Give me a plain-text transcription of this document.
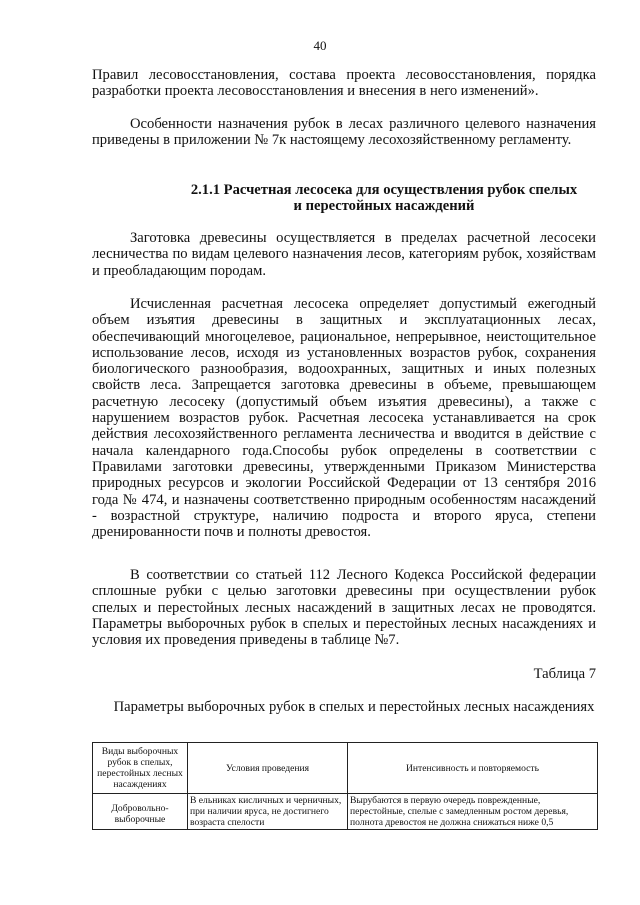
40

Правил лесовосстановления, состава проекта лесовосстановления, порядка разработки проекта лесовосстановления и внесения в него изменений».

Особенности назначения рубок в лесах различного целевого назначения приведены в приложении № 7к настоящему лесохозяйственному регламенту.

2.1.1 Расчетная лесосека для осуществления рубок спелых
и перестойных насаждений

Заготовка древесины осуществляется в пределах расчетной лесосеки лесничества по видам целевого назначения лесов, категориям рубок, хозяйствам и преобладающим породам.

Исчисленная расчетная лесосека определяет допустимый ежегодный объем изъятия древесины в защитных и эксплуатационных лесах, обеспечивающий многоцелевое, рациональное, непрерывное, неистощительное использование лесов, исходя из установленных возрастов рубок, сохранения биологического разнообразия, водоохранных, защитных и иных полезных свойств леса. Запрещается заготовка древесины в объеме, превышающем расчетную лесосеку (допустимый объем изъятия древесины), а также с нарушением возрастов рубок. Расчетная лесосека устанавливается на срок действия лесохозяйственного регламента лесничества и вводится в действие с начала календарного года.Способы рубок определены в соответствии с Правилами заготовки древесины, утвержденными Приказом Министерства природных ресурсов и экологии Российской Федерации от 13 сентября 2016 года № 474, и назначены соответственно природным особенностям насаждений - возрастной структуре, наличию подроста и второго яруса, степени дренированности почв и полноты древостоя.

В соответствии со статьей 112 Лесного Кодекса Российской федерации сплошные рубки с целью заготовки древесины при осуществлении рубок спелых и перестойных лесных насаждений в защитных лесах не проводятся. Параметры выборочных рубок в спелых и перестойных лесных насаждениях и условия их проведения приведены в таблице №7.

Таблица 7

Параметры выборочных рубок в спелых и перестойных лесных насаждениях

Виды выборочных рубок в спелых, перестойных лесных насаждениях	Условия проведения	Интенсивность и повторяемость
Добровольно-выборочные	В ельниках кисличных и черничных, при наличии яруса, не достигнего возраста спелости	Вырубаются в первую очередь поврежденные, перестойные, спелые с замедленным ростом деревья, полнота древостоя не должна снижаться ниже 0,5
